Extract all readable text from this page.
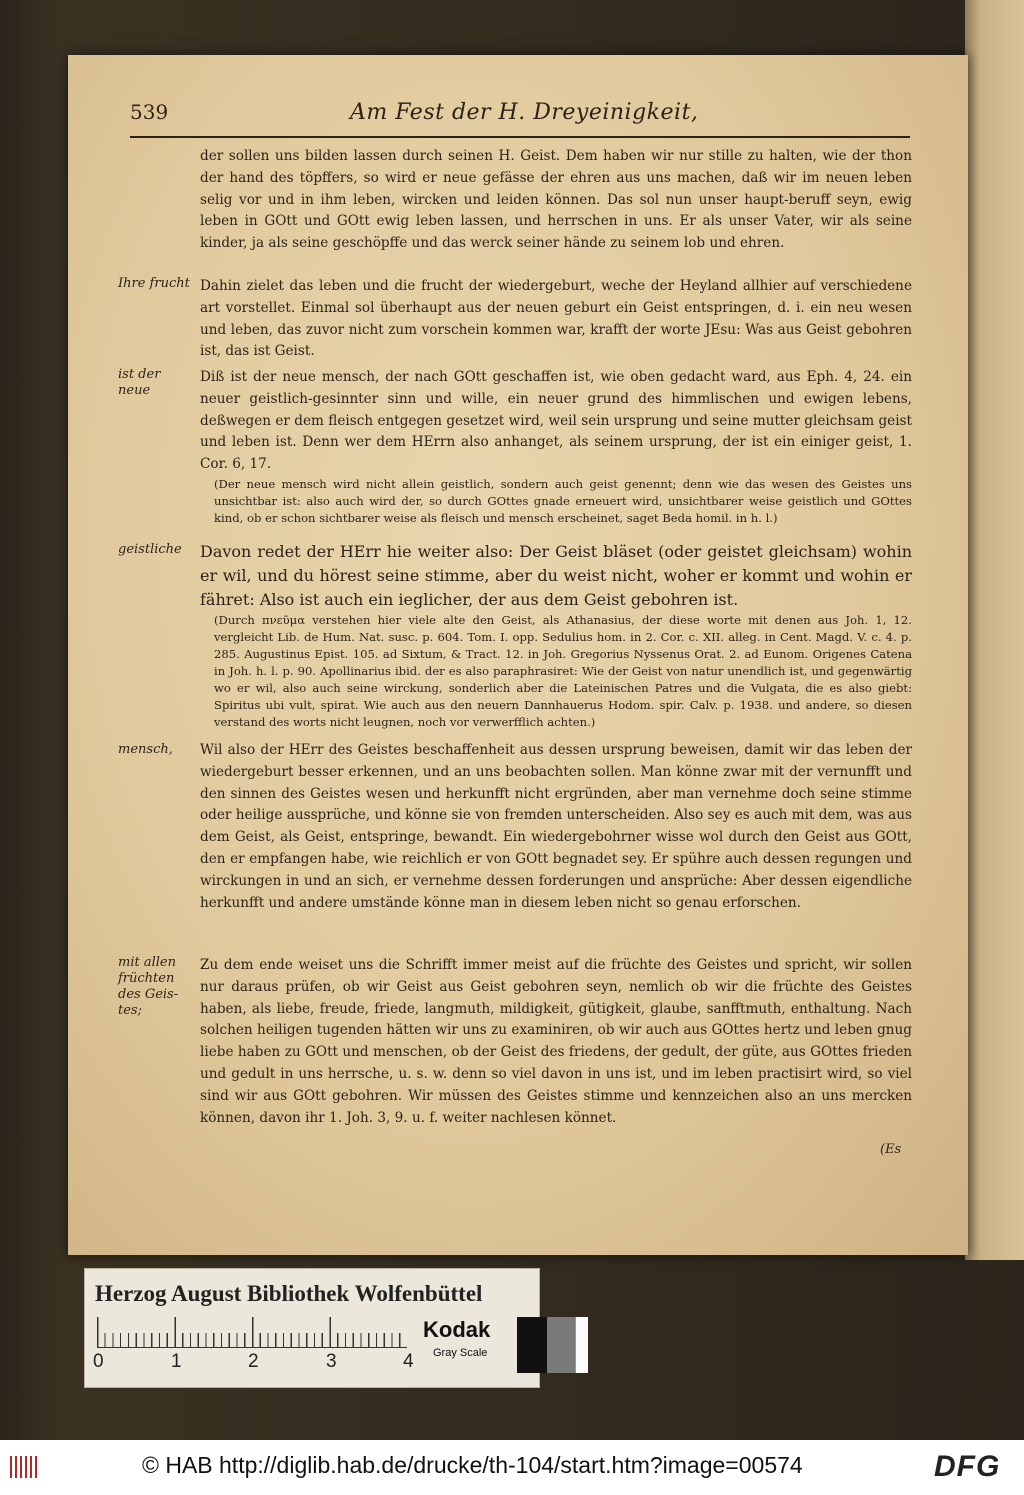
539	Am Fest der H. Dreyeinigkeit,
Ihre frucht
ist der neue
geistliche
mensch,
mit allen früchten des Geis-tes;

der sollen uns bilden lassen durch seinen H. Geist. Dem haben wir nur stille zu halten, wie der thon der hand des töpffers, so wird er neue gefässe der ehren aus uns machen, daß wir im neuen leben selig vor und in ihm leben, wircken und leiden können. Das sol nun unser haupt-beruff seyn, ewig leben in GOtt und GOtt ewig leben lassen, und herrschen in uns. Er als unser Vater, wir als seine kinder, ja als seine geschöpffe und das werck seiner hände zu seinem lob und ehren.

Dahin zielet das leben und die frucht der wiedergeburt, weche der Heyland allhier auf verschiedene art vorstellet. Einmal sol überhaupt aus der neuen geburt ein Geist entspringen, d. i. ein neu wesen und leben, das zuvor nicht zum vorschein kommen war, krafft der worte JEsu: Was aus Geist gebohren ist, das ist Geist.

Diß ist der neue mensch, der nach GOtt geschaffen ist, wie oben gedacht ward, aus Eph. 4, 24. ein neuer geistlich-gesinnter sinn und wille, ein neuer grund des himmlischen und ewigen lebens, deßwegen er dem fleisch entgegen gesetzet wird, weil sein ursprung und seine mutter gleichsam geist und leben ist. Denn wer dem HErrn also anhanget, als seinem ursprung, der ist ein einiger geist, 1. Cor. 6, 17.

(Der neue mensch wird nicht allein geistlich, sondern auch geist genennt; denn wie das wesen des Geistes uns unsichtbar ist: also auch wird der, so durch GOttes gnade erneuert wird, unsichtbarer weise geistlich und GOttes kind, ob er schon sichtbarer weise als fleisch und mensch erscheinet, saget Beda homil. in h. l.)

Davon redet der HErr hie weiter also: Der Geist bläset (oder geistet gleichsam) wohin er wil, und du hörest seine stimme, aber du weist nicht, woher er kommt und wohin er fähret: Also ist auch ein ieglicher, der aus dem Geist gebohren ist.

(Durch πνεῦμα verstehen hier viele alte den Geist, als Athanasius, der diese worte mit denen aus Joh. 1, 12. vergleicht Lib. de Hum. Nat. susc. p. 604. Tom. I. opp. Sedulius hom. in 2. Cor. c. XII. alleg. in Cent. Magd. V. c. 4. p. 285. Augustinus Epist. 105. ad Sixtum, & Tract. 12. in Joh. Gregorius Nyssenus Orat. 2. ad Eunom. Origenes Catena in Joh. h. l. p. 90. Apollinarius ibid. der es also paraphrasiret: Wie der Geist von natur unendlich ist, und gegenwärtig wo er wil, also auch seine wirckung, sonderlich aber die Lateinischen Patres und die Vulgata, die es also giebt: Spiritus ubi vult, spirat. Wie auch aus den neuern Dannhauerus Hodom. spir. Calv. p. 1938. und andere, so diesen verstand des worts nicht leugnen, noch vor verwerfflich achten.)

Wil also der HErr des Geistes beschaffenheit aus dessen ursprung beweisen, damit wir das leben der wiedergeburt besser erkennen, und an uns beobachten sollen. Man könne zwar mit der vernunfft und den sinnen des Geistes wesen und herkunfft nicht ergründen, aber man vernehme doch seine stimme oder heilige aussprüche, und könne sie von fremden unterscheiden. Also sey es auch mit dem, was aus dem Geist, als Geist, entspringe, bewandt. Ein wiedergebohrner wisse wol durch den Geist aus GOtt, den er empfangen habe, wie reichlich er von GOtt begnadet sey. Er spühre auch dessen regungen und wirckungen in und an sich, er vernehme dessen forderungen und ansprüche: Aber dessen eigendliche herkunfft und andere umstände könne man in diesem leben nicht so genau erforschen.

Zu dem ende weiset uns die Schrifft immer meist auf die früchte des Geistes und spricht, wir sollen nur daraus prüfen, ob wir Geist aus Geist gebohren seyn, nemlich ob wir die früchte des Geistes haben, als liebe, freude, friede, langmuth, mildigkeit, gütigkeit, glaube, sanfftmuth, enthaltung. Nach solchen heiligen tugenden hätten wir uns zu examiniren, ob wir auch aus GOttes hertz und leben gnug liebe haben zu GOtt und menschen, ob der Geist des friedens, der gedult, der güte, aus GOttes frieden und gedult in uns herrsche, u. s. w. denn so viel davon in uns ist, und im leben practisirt wird, so viel sind wir aus GOtt gebohren. Wir müssen des Geistes stimme und kennzeichen also an uns mercken können, davon ihr 1. Joh. 3, 9. u. f. weiter nachlesen könnet.

(Es
Herzog August Bibliothek Wolfenbüttel
0	1	2	3	4
Kodak
Gray Scale
© HAB http://diglib.hab.de/drucke/th-104/start.htm?image=00574	DFG
